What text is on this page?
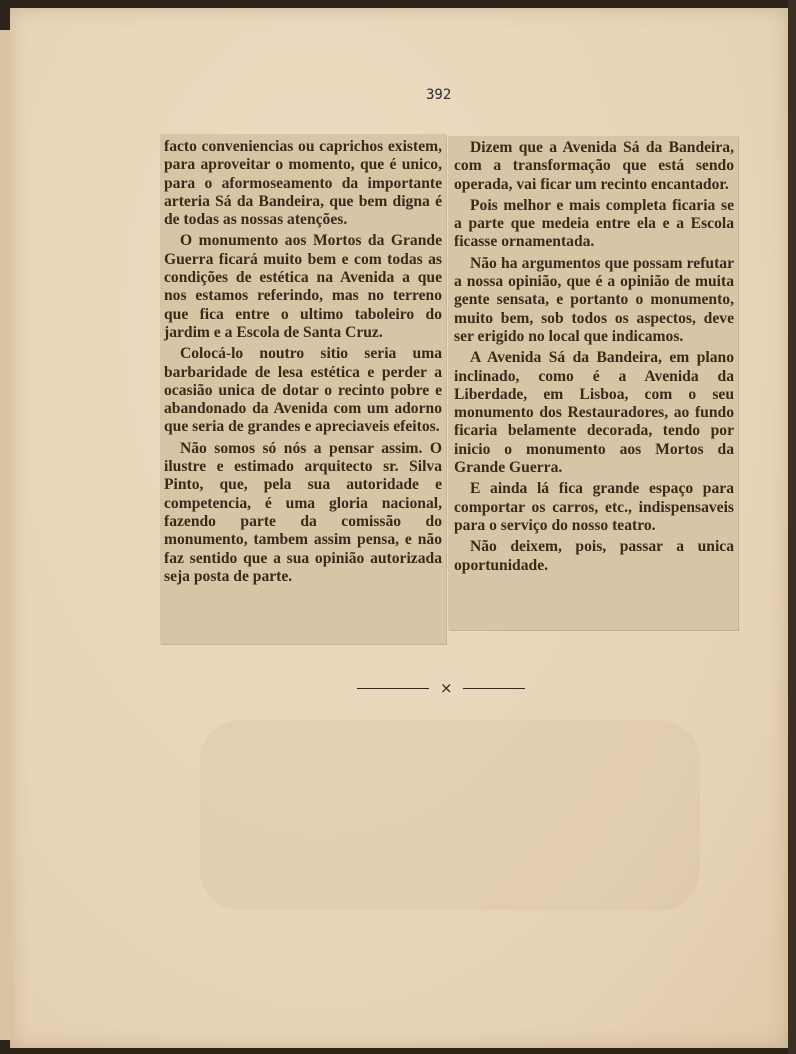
392

facto conveniencias ou caprichos existem, para aproveitar o momento, que é unico, para o aformoseamento da importante arteria Sá da Bandeira, que bem digna é de todas as nossas atenções.

O monumento aos Mortos da Grande Guerra ficará muito bem e com todas as condições de estética na Avenida a que nos estamos referindo, mas no terreno que fica entre o ultimo taboleiro do jardim e a Escola de Santa Cruz.

Colocá-lo noutro sitio seria uma barbaridade de lesa estética e perder a ocasião unica de dotar o recinto pobre e abandonado da Avenida com um adorno que seria de grandes e apreciaveis efeitos.

Não somos só nós a pensar assim. O ilustre e estimado arquitecto sr. Silva Pinto, que, pela sua autoridade e competencia, é uma gloria nacional, fazendo parte da comissão do monumento, tambem assim pensa, e não faz sentido que a sua opinião autorizada seja posta de parte.

Dizem que a Avenida Sá da Bandeira, com a transformação que está sendo operada, vai ficar um recinto encantador.

Pois melhor e mais completa ficaria se a parte que medeia entre ela e a Escola ficasse ornamentada.

Não ha argumentos que possam refutar a nossa opinião, que é a opinião de muita gente sensata, e portanto o monumento, muito bem, sob todos os aspectos, deve ser erigido no local que indicamos.

A Avenida Sá da Bandeira, em plano inclinado, como é a Avenida da Liberdade, em Lisboa, com o seu monumento dos Restauradores, ao fundo ficaria belamente decorada, tendo por inicio o monumento aos Mortos da Grande Guerra.

E ainda lá fica grande espaço para comportar os carros, etc., indispensaveis para o serviço do nosso teatro.

Não deixem, pois, passar a unica oportunidade.

×
